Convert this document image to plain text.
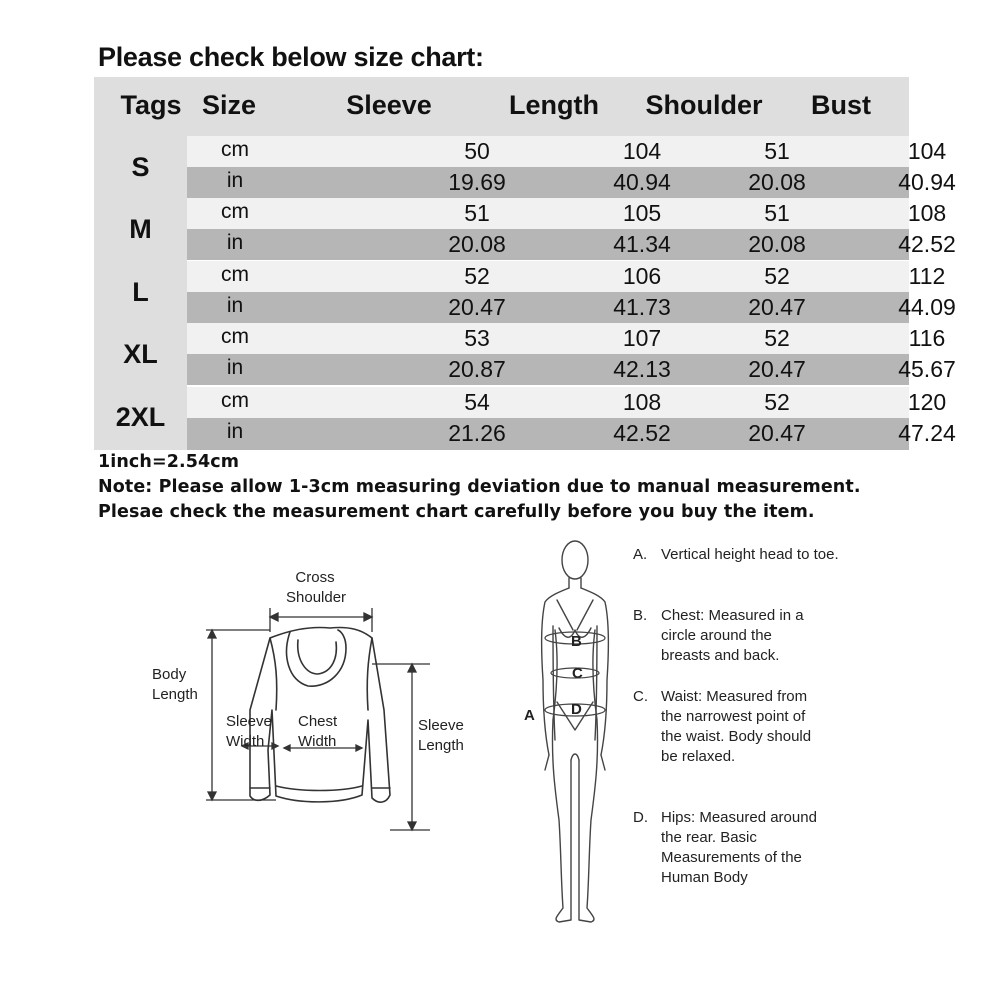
Please check below size chart:
Tags Size	Sleeve	Length	Shoulder	Bust
S
cm	50	104	51	104
in	19.69	40.94	20.08	40.94
M
cm	51	105	51	108
in	20.08	41.34	20.08	42.52
L
cm	52	106	52	112
in	20.47	41.73	20.47	44.09
XL
cm	53	107	52	116
in	20.87	42.13	20.47	45.67
2XL
cm	54	108	52	120
in	21.26	42.52	20.47	47.24
1inch=2.54cm
Note: Please allow 1-3cm measuring deviation due to manual measurement.
Plesae check the measurement chart carefully before you buy the item.
Cross
Shoulder
Body
Length
Sleeve
Width
Chest
Width
Sleeve
Length
B
C
D
A
A. Vertical height head to toe.
B. Chest: Measured in a circle around the breasts and back.
C. Waist: Measured from the narrowest point of the waist. Body should be relaxed.
D. Hips: Measured around the rear. Basic Measurements of the Human Body
